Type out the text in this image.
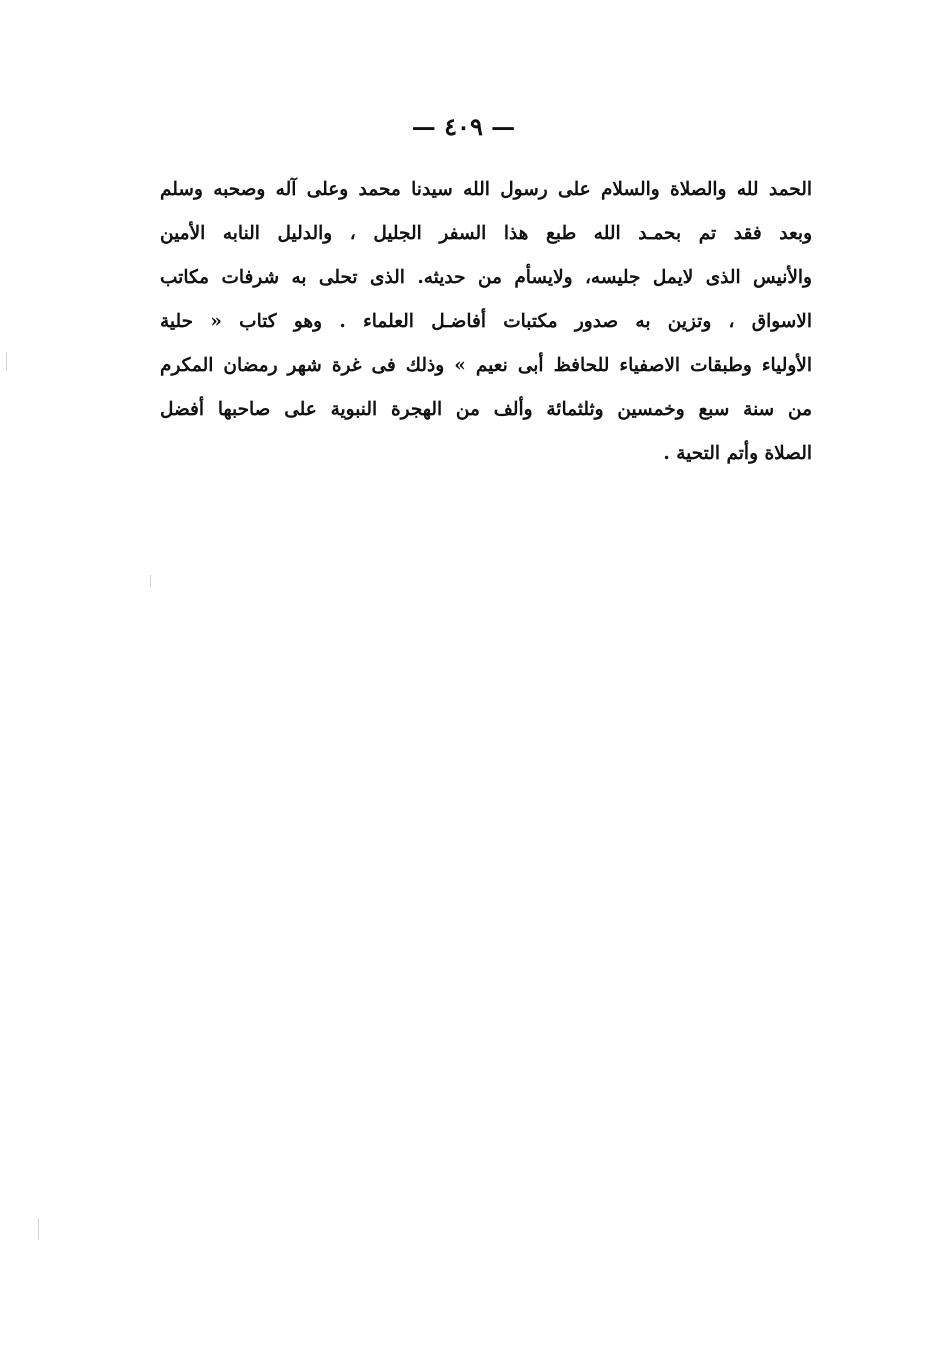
— ٤٠٩ —
الحمد لله والصلاة والسلام على رسول الله سيدنا محمد وعلى آله وصحبه وسلم
وبعد فقد تم بحمـد الله طبع هذا السفر الجليل ، والدليل النابه الأمين
والأنيس الذى لايمل جليسه، ولايسأم من حديثه. الذى تحلى به شرفات مكاتب
الاسواق ، وتزين به صدور مكتبات أفاضـل العلماء . وهو كتاب « حلية
الأولياء وطبقات الاصفياء للحافظ أبى نعيم » وذلك فى غرة شهر رمضان المكرم
من سنة سبع وخمسين وثلثمائة وألف من الهجرة النبوية على صاحبها أفضل
الصلاة وأتم التحية .
